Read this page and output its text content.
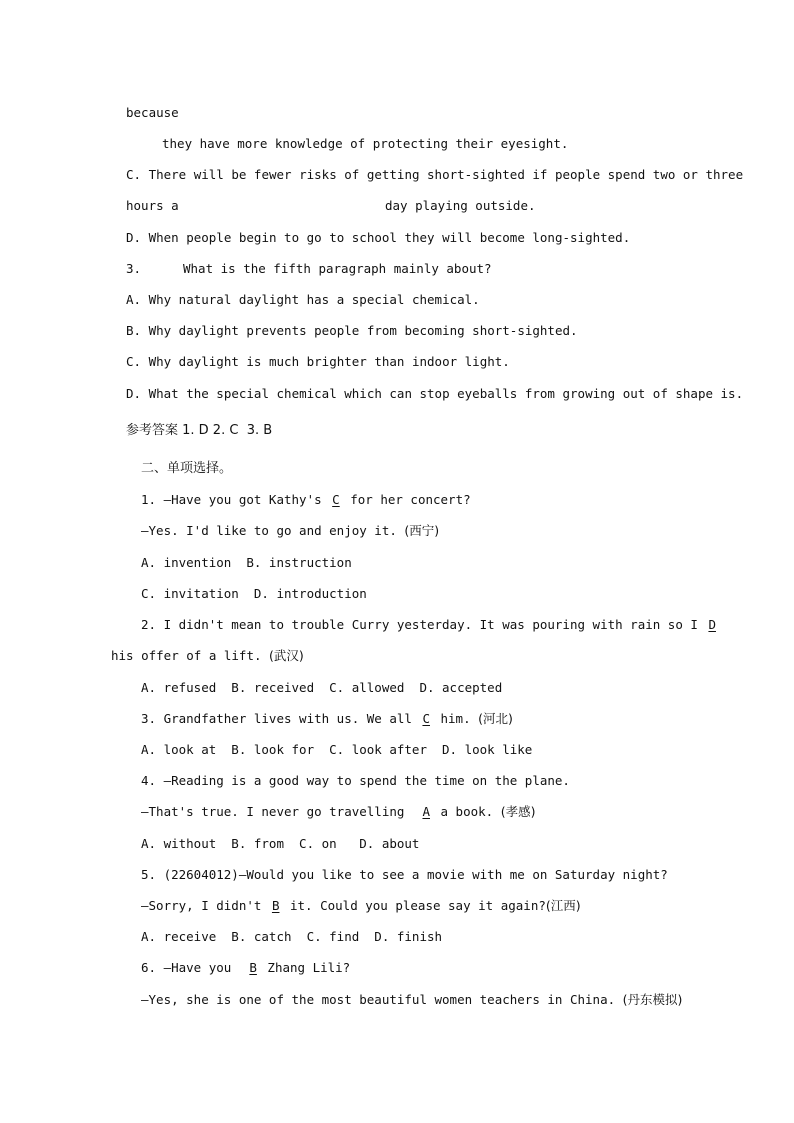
because
they have more knowledge of protecting their eyesight.
C. There will be fewer risks of getting short-sighted if people spend two or three
hours a	day playing outside.
D. When people begin to go to school they will become long-sighted.
3.	What is the fifth paragraph mainly about?
A. Why natural daylight has a special chemical.
B. Why daylight prevents people from becoming short-sighted.
C. Why daylight is much brighter than indoor light.
D. What the special chemical which can stop eyeballs from growing out of shape is.
参考答案 1. D 2. C  3. B
二、单项选择。
1. —Have you got Kathy's C for her concert?
—Yes. I'd like to go and enjoy it. (西宁)
A. invention  B. instruction
C. invitation  D. introduction
2. I didn't mean to trouble Curry yesterday. It was pouring with rain so I D
his offer of a lift. (武汉)
A. refused  B. received  C. allowed  D. accepted
3. Grandfather lives with us. We all C him. (河北)
A. look at  B. look for  C. look after  D. look like
4. —Reading is a good way to spend the time on the plane.
—That's true. I never go travelling  A a book. (孝感)
A. without  B. from  C. on   D. about
5. (22604012)—Would you like to see a movie with me on Saturday night?
—Sorry, I didn't B it. Could you please say it again?(江西)
A. receive  B. catch  C. find  D. finish
6. —Have you  B Zhang Lili?
—Yes, she is one of the most beautiful women teachers in China. (丹东模拟)
